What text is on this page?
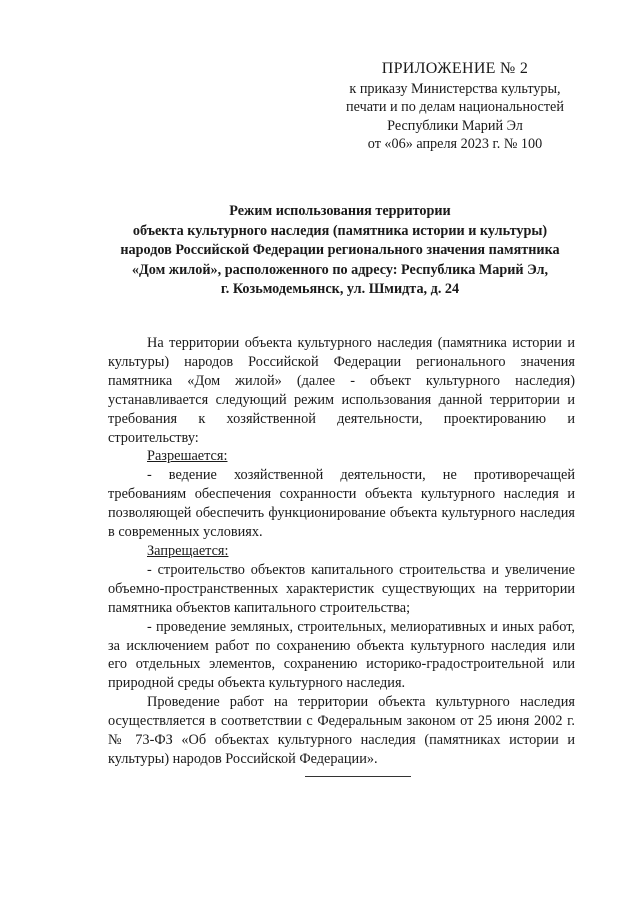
ПРИЛОЖЕНИЕ № 2
к приказу Министерства культуры,
печати и по делам национальностей
Республики Марий Эл
от «06» апреля 2023 г. № 100
Режим использования территории
объекта культурного наследия (памятника истории и культуры)
народов Российской Федерации регионального значения памятника
«Дом жилой», расположенного по адресу: Республика Марий Эл,
г. Козьмодемьянск, ул. Шмидта, д. 24

На территории объекта культурного наследия (памятника истории и культуры) народов Российской Федерации регионального значения памятника «Дом жилой» (далее - объект культурного наследия) устанавливается следующий режим использования данной территории и требования к хозяйственной деятельности, проектированию и строительству:

Разрешается:

- ведение хозяйственной деятельности, не противоречащей требованиям обеспечения сохранности объекта культурного наследия и позволяющей обеспечить функционирование объекта культурного наследия в современных условиях.

Запрещается:

- строительство объектов капитального строительства и увеличение объемно-пространственных характеристик существующих на территории памятника объектов капитального строительства;

- проведение земляных, строительных, мелиоративных и иных работ, за исключением работ по сохранению объекта культурного наследия или его отдельных элементов, сохранению историко-градостроительной или природной среды объекта культурного наследия.

Проведение работ на территории объекта культурного наследия осуществляется в соответствии с Федеральным законом от 25 июня 2002 г. № 73-ФЗ «Об объектах культурного наследия (памятниках истории и культуры) народов Российской Федерации».
